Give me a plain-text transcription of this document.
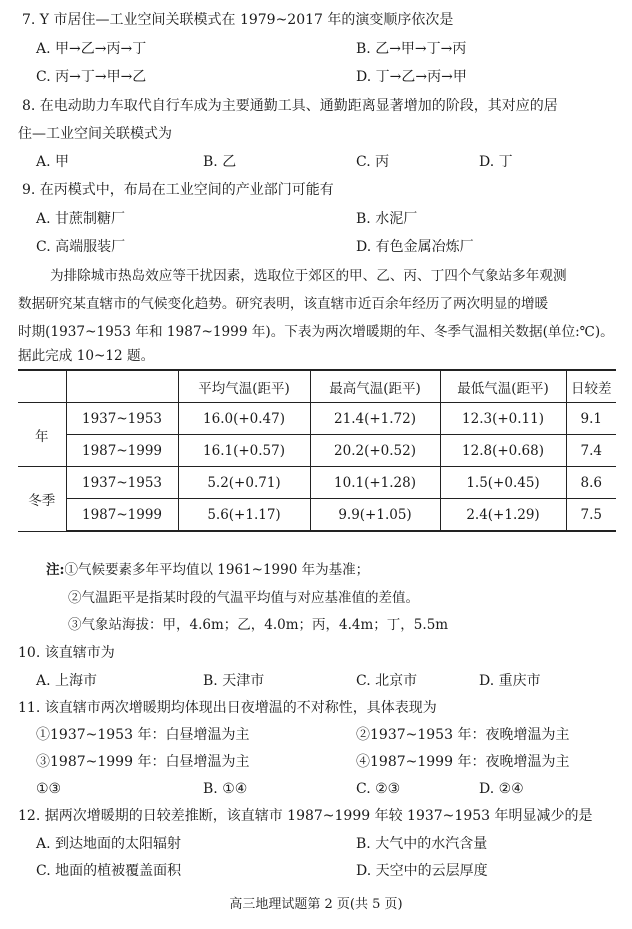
7. Y 市居住—工业空间关联模式在 1979~2017 年的演变顺序依次是
A. 甲→乙→丙→丁	B. 乙→甲→丁→丙
C. 丙→丁→甲→乙	D. 丁→乙→丙→甲
8. 在电动助力车取代自行车成为主要通勤工具、通勤距离显著增加的阶段，其对应的居
住—工业空间关联模式为
A. 甲	B. 乙	C. 丙	D. 丁
9. 在丙模式中，布局在工业空间的产业部门可能有
A. 甘蔗制糖厂	B. 水泥厂
C. 高端服装厂	D. 有色金属冶炼厂
为排除城市热岛效应等干扰因素，选取位于郊区的甲、乙、丙、丁四个气象站多年观测
数据研究某直辖市的气候变化趋势。研究表明，该直辖市近百余年经历了两次明显的增暖
时期(1937~1953 年和 1987~1999 年)。下表为两次增暖期的年、冬季气温相关数据(单位:℃)。
据此完成 10~12 题。
		平均气温(距平)	最高气温(距平)	最低气温(距平)	日较差
年	1937~1953	16.0(+0.47)	21.4(+1.72)	12.3(+0.11)	9.1
	1987~1999	16.1(+0.57)	20.2(+0.52)	12.8(+0.68)	7.4
冬季	1937~1953	5.2(+0.71)	10.1(+1.28)	1.5(+0.45)	8.6
	1987~1999	5.6(+1.17)	9.9(+1.05)	2.4(+1.29)	7.5
注:①气候要素多年平均值以 1961~1990 年为基准；
②气温距平是指某时段的气温平均值与对应基准值的差值。
③气象站海拔：甲，4.6m；乙，4.0m；丙，4.4m；丁，5.5m
10. 该直辖市为
A. 上海市	B. 天津市	C. 北京市	D. 重庆市
11. 该直辖市两次增暖期均体现出日夜增温的不对称性，具体表现为
①1937~1953 年：白昼增温为主	②1937~1953 年：夜晚增温为主
③1987~1999 年：白昼增温为主	④1987~1999 年：夜晚增温为主
①③	B. ①④	C. ②③	D. ②④
12. 据两次增暖期的日较差推断，该直辖市 1987~1999 年较 1937~1953 年明显减少的是
A. 到达地面的太阳辐射	B. 大气中的水汽含量
C. 地面的植被覆盖面积	D. 天空中的云层厚度
高三地理试题第 2 页(共 5 页)
